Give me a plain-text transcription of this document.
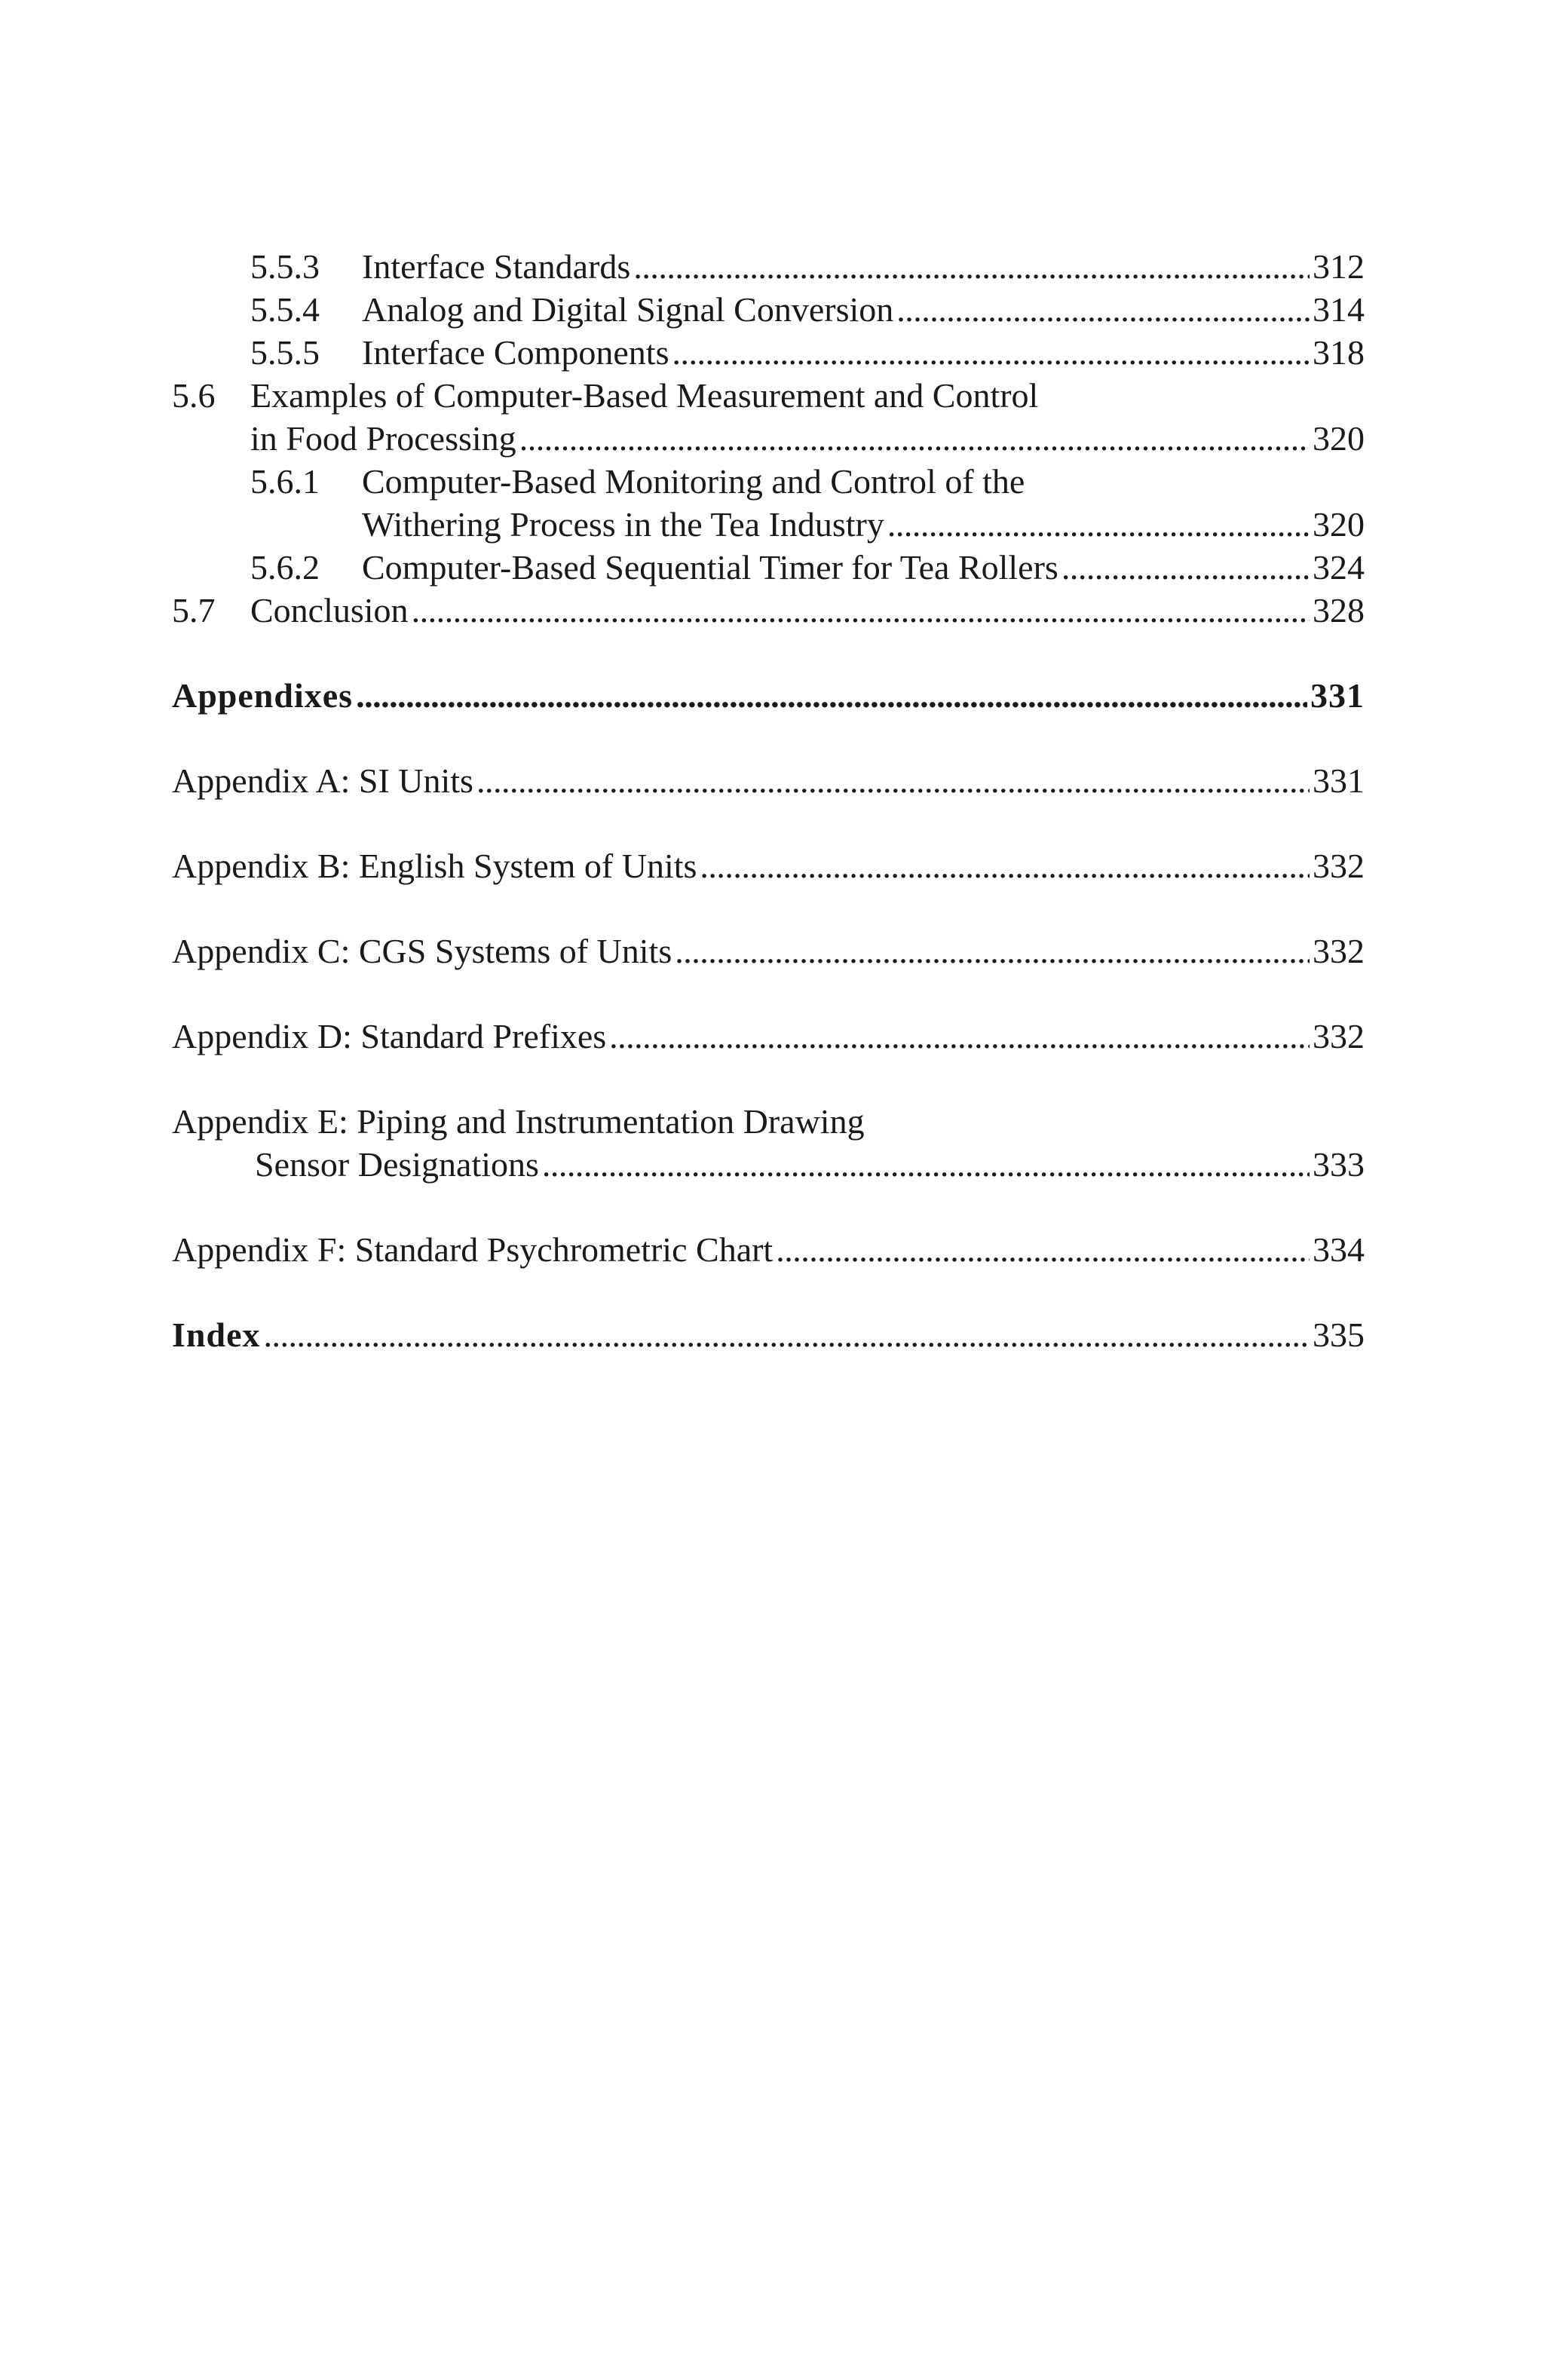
5.5.3 Interface Standards . . .	312
5.5.4 Analog and Digital Signal Conversion . . .	314
5.5.5 Interface Components . . .	318
5.6 Examples of Computer-Based Measurement and Control
in Food Processing . . .	320
5.6.1 Computer-Based Monitoring and Control of the
Withering Process in the Tea Industry . . .	320
5.6.2 Computer-Based Sequential Timer for Tea Rollers . . .	324
5.7 Conclusion . . .	328
Appendixes . . .	331
Appendix A: SI Units . . .	331
Appendix B: English System of Units . . .	332
Appendix C: CGS Systems of Units . . .	332
Appendix D: Standard Prefixes . . .	332
Appendix E: Piping and Instrumentation Drawing
Sensor Designations . . .	333
Appendix F: Standard Psychrometric Chart . . .	334
Index . . .	335
